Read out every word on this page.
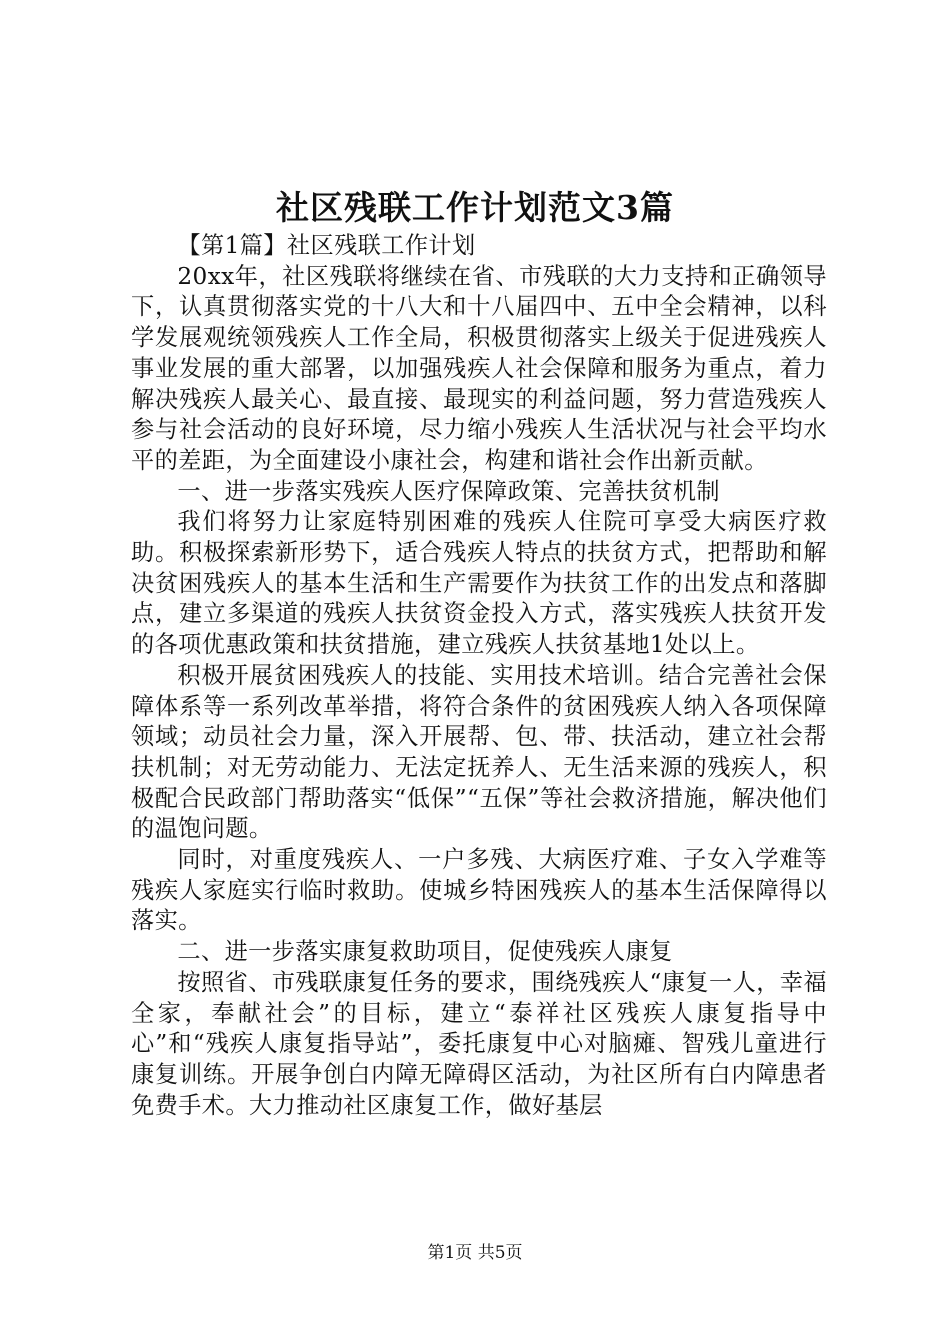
社区残联工作计划范文3篇

【第1篇】社区残联工作计划

20xx年，社区残联将继续在省、市残联的大力支持和正确领导下，认真贯彻落实党的十八大和十八届四中、五中全会精神，以科学发展观统领残疾人工作全局，积极贯彻落实上级关于促进残疾人事业发展的重大部署，以加强残疾人社会保障和服务为重点，着力解决残疾人最关心、最直接、最现实的利益问题，努力营造残疾人参与社会活动的良好环境，尽力缩小残疾人生活状况与社会平均水平的差距，为全面建设小康社会，构建和谐社会作出新贡献。

一、进一步落实残疾人医疗保障政策、完善扶贫机制

我们将努力让家庭特别困难的残疾人住院可享受大病医疗救助。积极探索新形势下，适合残疾人特点的扶贫方式，把帮助和解决贫困残疾人的基本生活和生产需要作为扶贫工作的出发点和落脚点，建立多渠道的残疾人扶贫资金投入方式，落实残疾人扶贫开发的各项优惠政策和扶贫措施，建立残疾人扶贫基地1处以上。

积极开展贫困残疾人的技能、实用技术培训。结合完善社会保障体系等一系列改革举措，将符合条件的贫困残疾人纳入各项保障领域；动员社会力量，深入开展帮、包、带、扶活动，建立社会帮扶机制；对无劳动能力、无法定抚养人、无生活来源的残疾人，积极配合民政部门帮助落实“低保”“五保”等社会救济措施，解决他们的温饱问题。

同时，对重度残疾人、一户多残、大病医疗难、子女入学难等残疾人家庭实行临时救助。使城乡特困残疾人的基本生活保障得以落实。

二、进一步落实康复救助项目，促使残疾人康复

按照省、市残联康复任务的要求，围绕残疾人“康复一人，幸福全家，奉献社会”的目标，建立“泰祥社区残疾人康复指导中心”和“残疾人康复指导站”，委托康复中心对脑瘫、智残儿童进行康复训练。开展争创白内障无障碍区活动，为社区所有白内障患者免费手术。大力推动社区康复工作，做好基层

第1页 共5页
